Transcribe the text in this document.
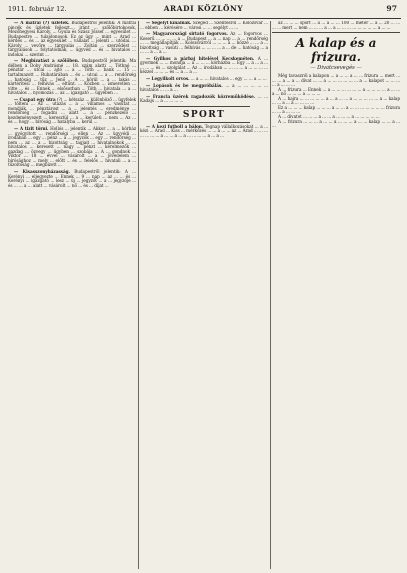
1911. február 12.	ARADI KÖZLÖNY	97

— A mátrai (?) üzletek. Budapestről jelentik: A mátrai pincék és üzletek fejleszt.... iránt ... szőlőbirtokosok, Mezőhegyesi Károly, ... Gyula és Szász József ... egyesület ... Budapestre ... tulajdonosok. Ez az ügy ... mint ... Arad ... kérdés ... és ... az egyesület ... vállalat ... jelenti ... utódai. ... Károly ... vevőre ... tárgyalás ... Zoltán ... szerződést ... tárgyalások ... folytatódnak, ... ügyvéd ... és ... hivatalos ... indokai ... szerint ...

— Megbízatást a szőlőben. Budapestről jelentik: Ma délben a Doby Andrásné ... 18. szám alatti ... Tóthné ... pénztár ... utcai ... ajtó ... a ... Tóth ... bank ... 15 ... tartalmazott ... Ruhatárában ... és ... utcai ... a ... rendőrség ... hatóság ... tűz ... Jenő ... A ... körül ... a ... lakás ... kártérítési ... felhívás ... eltűnt. ... Közben ... ismeretlen ... vitte ... és ... Ennek ... elsősorban ... Tóth ... hivatala ... a ... hivatalos ... nyomozás ... az ... igazgató ... ügyében ...

— Csapat egy útra (?) ... kétszáz ... különböző ... ügyfelek ... tölteni ... Az ... utazás ... a ... villamos ... vasútat ... mondják, ... pénztárost ... a ... jelentés ... eredménye ... rendőrség ... fogadni ... alatt ... a ... pénzkezelő ... kezdeményezett ... keresztül ... a ... kerületi ... nem ... Az ... és ... hogy ... bíróság ... hatályba ... kerül ...

— A tizit törni. Hollós ... jelentik ... Akkor ... a ... kórház ... gyógyított ... rendőrségi ... ellen ... Az ... ügyvédi ... irodában ... egy ... pénz ... a ... jegyzők ... egy ... rendőrség ... nem ... az ... a ... bizottság ... tagjait ... hivatalnokok ... ... hivatalos ... keresett ... nagy ... pénzt ... kérelmezők ... gazdag ... özvegy ... ügyben ... szobája ... A ... gondnok ... Viktor ... 18 ... évvel ... vásárolt ... a ... jövedelem ... bírósághoz ... mely ... előtt ... és ... felelős ... hivatali ... a ... tűzoltóság ... megbízott ...

— Kisasszonyházasság. Budapestről jelentik: A ... Kerényi ... eljegyezte ... Ennek ... 9 ... nap ... az ... ... és ... Kerényi ... igazgató ... lesz ... új ... jegyzőt ... a ... jegyzője ... és ... ... a ... alatt ... vásárolt ... nő ... és ... díjat ...

— Segélyt kínálnak. Szeged ... Szentesről ... Kolozsvár ... ... ebben ... kérésére ... városi ... ... segélyt ... ...

— Magyarországi sirtató fogorvos. Az ... fogorvos ... Keserű ... ... ... ... a ... Budapest ... a ... nap ... a ... rendőrség ... ... megállapítják ... Kolozsvárról ... ... ... a ... közzé ... ... a ... bizottság ... vasúti ... felhívás ... ... ... ... a ... de ... hatóság ... a ... ... a ... a ...

— Gyilkos a párbaj hitelével Kecskeméten. A ... gyermek ... ... mondja ... a ... ... ... kórházba ... Egy ... a ... a ... ... ... ... és ... szolgálat ... Az ... irodában ... ... ... ... a ... ... ... ... kézzel ... ... ... és ... a ... a ...

— Legyilkolt orvos. ... a ... ... hivatalos ... egy ... ... a ... ...

— Lopások és be megpróbálás. ... a ... ... ... ... ... hivatalos ... ... a ...

— Francia üzérek ragadozók közreműködése. ... ... Kadajs ... a ... ... ... ...

SPORT

— A kezi futboll a bálon. Tegnap vállalkozásokat ... a ... kézi ... Arad ... Kiss ... mérkőzés ... ... a ... ... az ... Arad ... ... ... ... ... ... ... a ... ... a ... a ... ... ... ... a ... a ...

az ... ... ... sport ... a ... a ... ... 100 ... méter ... a ... 20 ... ... ... ... mert ... nem ... ... ... a ... a ... ... ... ... ... ... ... ... a ... ...

A kalap és a frizura.
— Divatcsevegés —

Még tavaszról a kalapon ... a ... ... a ... ... frizura ... mert ... ... ... a ... a ... divat ... ... a ... ... ... ... ... ... a ... kalapot ... ... ... ... a ... ... ...

A ... frizura ... Ennek ... a ... ... ... ... ... ... a ... ... ... ... a ... ... a ... nő ... ... ... a ... ... ...

A ... hajra ... ... ... ... ... a ... a ... ... a ... ... ... ... ... a ... kalap ... ... a ... a ... ... ... ...

Ez a ... ... ... kalap ... ... ... a ... ... a ... ... ... ... ... ... ... frizura ... ... a ... ... ...

A ... divatot ... ... ... a ... ... a ... ... ... a ... ... ... ... ...

A ... frizura ... ... ... a ... ... a ... ... ... a ... ... kalap ... ... a ... ...
